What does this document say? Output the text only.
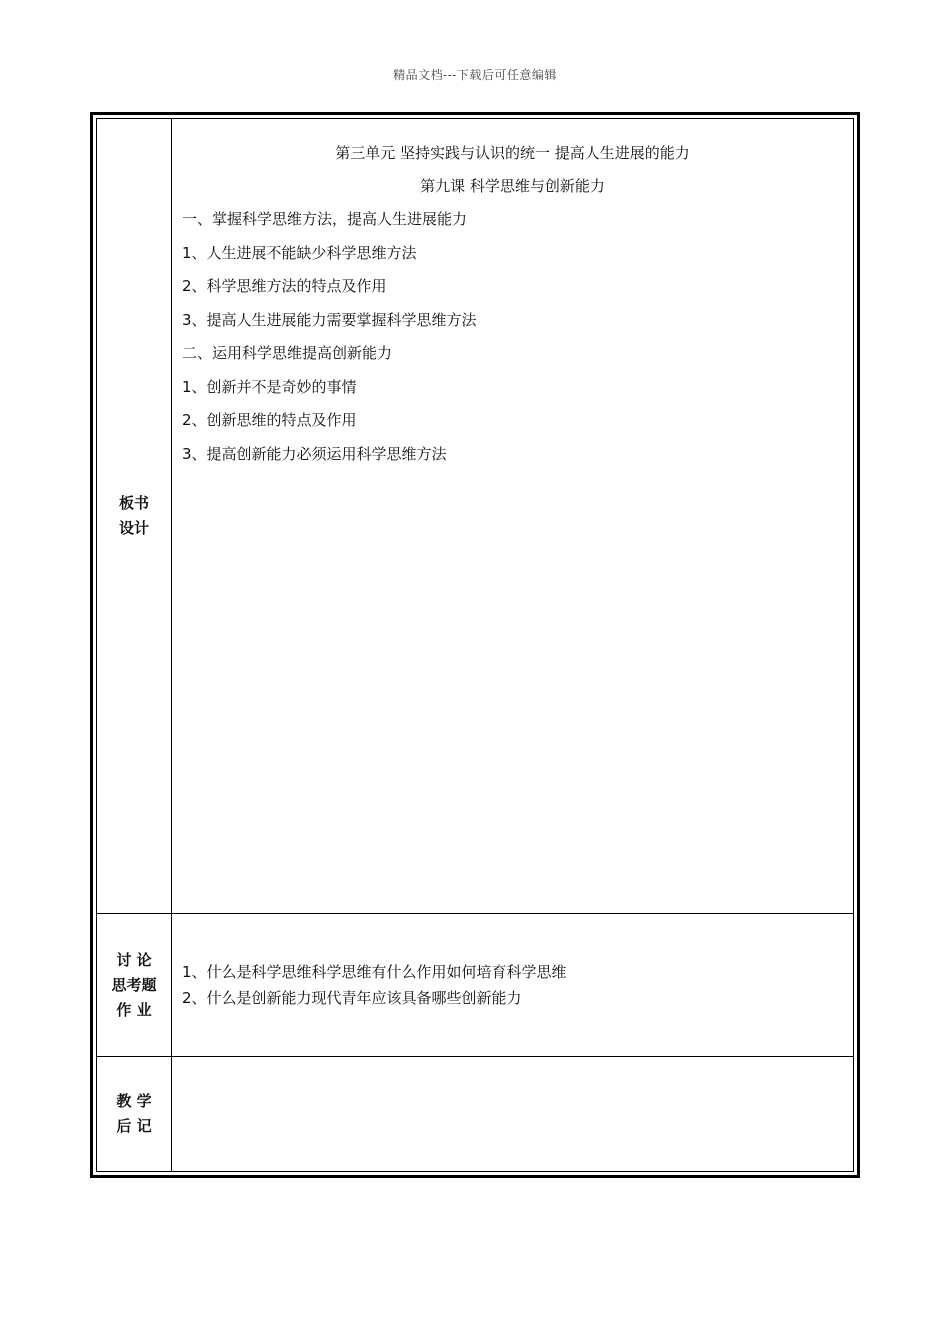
精品文档---下载后可任意编辑
板书
设计
第三单元 坚持实践与认识的统一 提高人生进展的能力
第九课 科学思维与创新能力
一、掌握科学思维方法，提高人生进展能力
1、人生进展不能缺少科学思维方法
2、科学思维方法的特点及作用
3、提高人生进展能力需要掌握科学思维方法
二、运用科学思维提高创新能力
1、创新并不是奇妙的事情
2、创新思维的特点及作用
3、提高创新能力必须运用科学思维方法
讨 论
思考题
作 业
1、什么是科学思维科学思维有什么作用如何培育科学思维
2、什么是创新能力现代青年应该具备哪些创新能力
教 学
后 记
